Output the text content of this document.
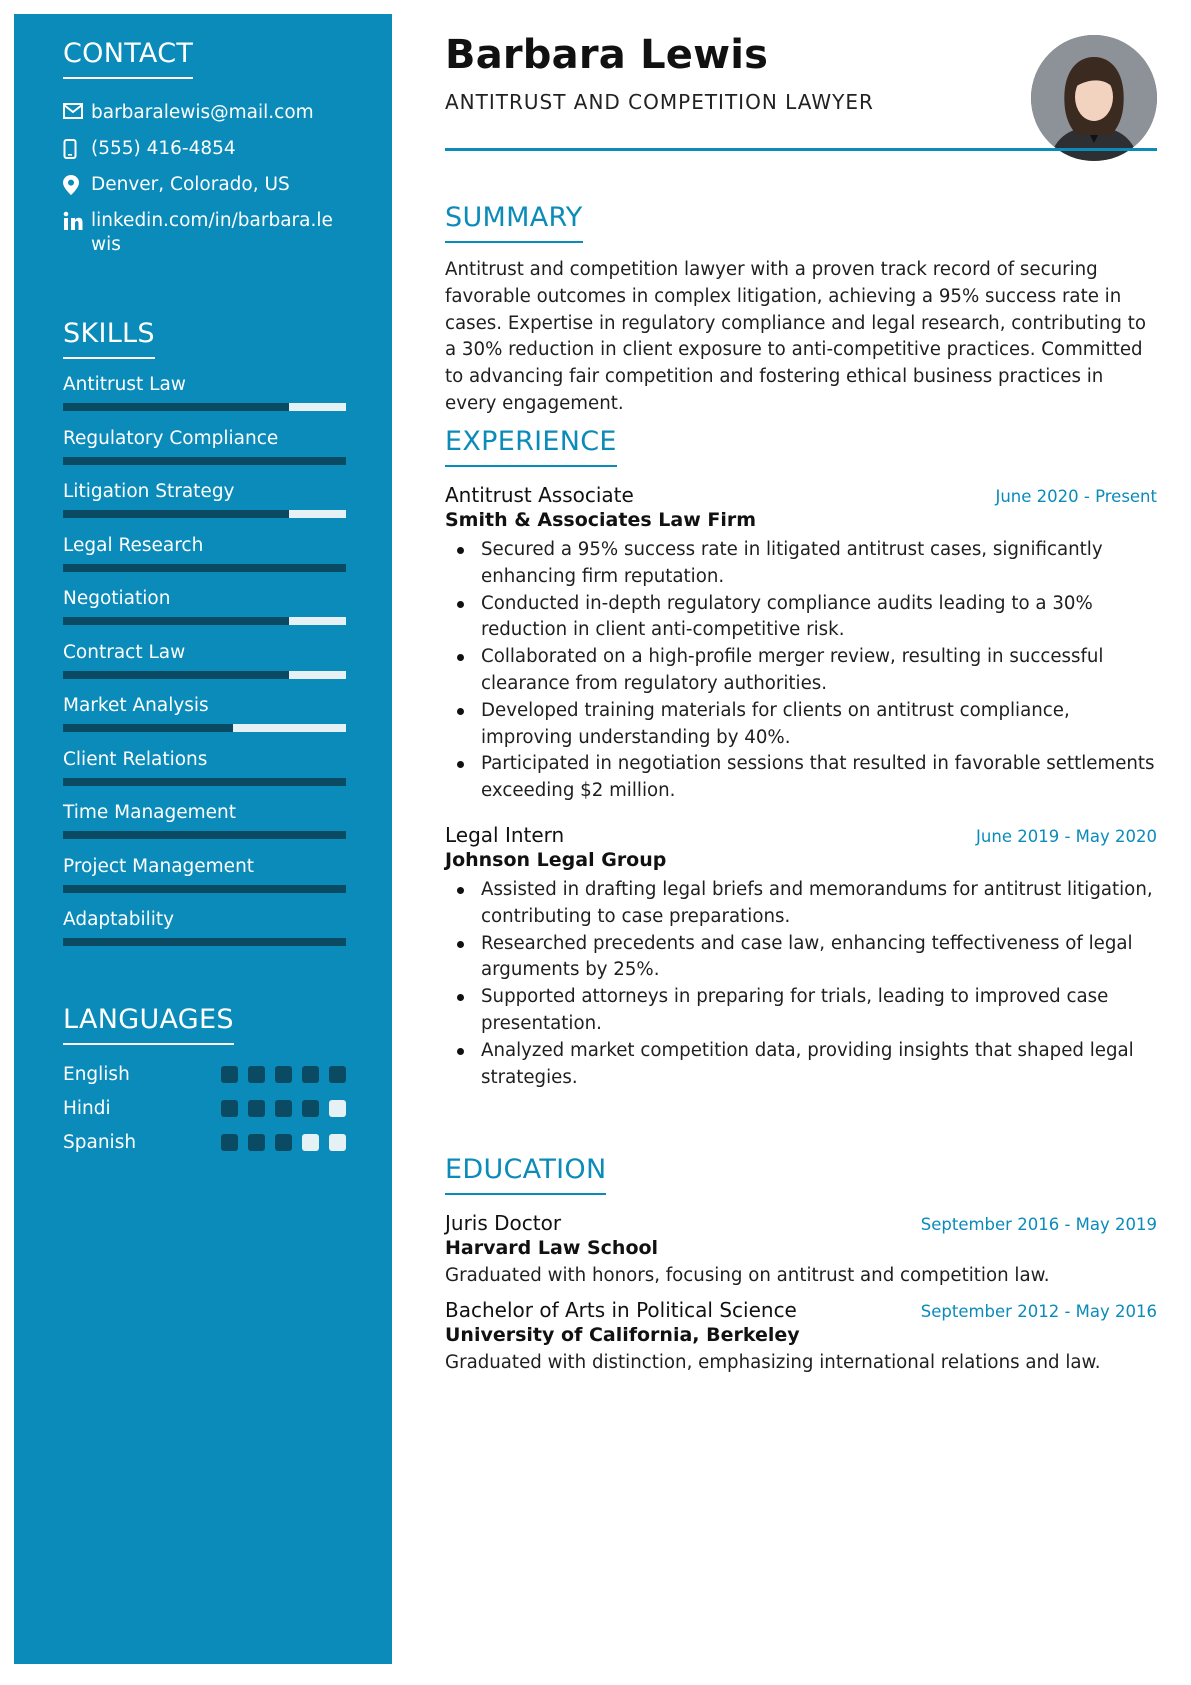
CONTACT
barbaralewis@mail.com
(555) 416-4854
Denver, Colorado, US
linkedin.com/in/barbara.lewis
SKILLS
Antitrust Law
Regulatory Compliance
Litigation Strategy
Legal Research
Negotiation
Contract Law
Market Analysis
Client Relations
Time Management
Project Management
Adaptability
LANGUAGES
English
Hindi
Spanish
Barbara Lewis
ANTITRUST AND COMPETITION LAWYER
SUMMARY

Antitrust and competition lawyer with a proven track record of securing favorable outcomes in complex litigation, achieving a 95% success rate in cases. Expertise in regulatory compliance and legal research, contributing to a 30% reduction in client exposure to anti-competitive practices. Committed to advancing fair competition and fostering ethical business practices in every engagement.

EXPERIENCE
Antitrust Associate	June 2020 - Present
Smith & Associates Law Firm
Secured a 95% success rate in litigated antitrust cases, significantly enhancing firm reputation.
Conducted in-depth regulatory compliance audits leading to a 30% reduction in client anti-competitive risk.
Collaborated on a high-profile merger review, resulting in successful clearance from regulatory authorities.
Developed training materials for clients on antitrust compliance, improving understanding by 40%.
Participated in negotiation sessions that resulted in favorable settlements exceeding $2 million.
Legal Intern	June 2019 - May 2020
Johnson Legal Group
Assisted in drafting legal briefs and memorandums for antitrust litigation, contributing to case preparations.
Researched precedents and case law, enhancing teffectiveness of legal arguments by 25%.
Supported attorneys in preparing for trials, leading to improved case presentation.
Analyzed market competition data, providing insights that shaped legal strategies.
EDUCATION
Juris Doctor	September 2016 - May 2019
Harvard Law School

Graduated with honors, focusing on antitrust and competition law.

Bachelor of Arts in Political Science	September 2012 - May 2016
University of California, Berkeley

Graduated with distinction, emphasizing international relations and law.
